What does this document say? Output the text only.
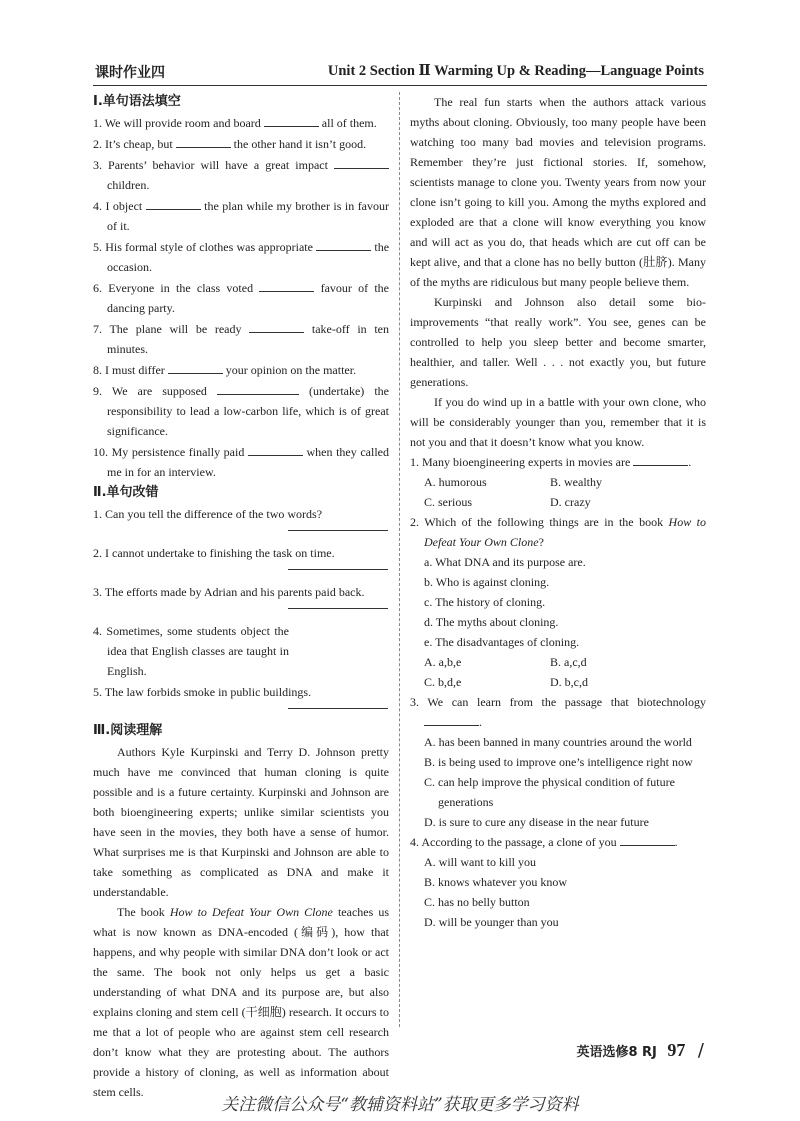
课时作业四	Unit 2 Section Ⅱ Warming Up & Reading—Language Points
Ⅰ.单句语法填空
1. We will provide room and board	all of them.
2. It’s cheap, but	the other hand it isn’t good.
3. Parents’ behavior will have a great impact  children.
4. I object	the plan while my brother is in favour of it.
5. His formal style of clothes was appropriate	the occasion.
6. Everyone in the class voted	favour of the dancing party.
7. The plane will be ready	take-off in ten minutes.
8. I must differ	your opinion on the matter.
9. We are supposed	(undertake) the responsibility to lead a low-carbon life, which is of great significance.
10. My persistence finally paid	when they called me in for an interview.
Ⅱ.单句改错
1. Can you tell the difference of the two words?
2. I cannot undertake to finishing the task on time.
3. The efforts made by Adrian and his parents paid back.
4. Sometimes, some students object the idea that English classes are taught in English.
5. The law forbids smoke in public buildings.
Ⅲ.阅读理解

Authors Kyle Kurpinski and Terry D. Johnson pretty much have me convinced that human cloning is quite possible and is a future certainty. Kurpinski and Johnson are both bioengineering experts; unlike similar scientists you have seen in the movies, they both have a sense of humor. What surprises me is that Kurpinski and Johnson are able to take something as complicated as DNA and make it understandable.

The book How to Defeat Your Own Clone teaches us what is now known as DNA-encoded (编码), how that happens, and why people with similar DNA don’t look or act the same. The book not only helps us get a basic understanding of what DNA and its purpose are, but also explains cloning and stem cell (干细胞) research. It occurs to me that a lot of people who are against stem cell research don’t know what they are protesting about. The authors provide a history of cloning, as well as information about stem cells.

The real fun starts when the authors attack various myths about cloning. Obviously, too many people have been watching too many bad movies and television programs. Remember they’re just fictional stories. If, somehow, scientists manage to clone you. Twenty years from now your clone isn’t going to kill you. Among the myths explored and exploded are that a clone will know everything you know and will act as you do, that heads which are cut off can be kept alive, and that a clone has no belly button (肚脐). Many of the myths are ridiculous but many people believe them.

Kurpinski and Johnson also detail some bio-improvements “that really work”. You see, genes can be controlled to help you sleep better and become smarter, healthier, and taller. Well . . . not exactly you, but future generations.

If you do wind up in a battle with your own clone, who will be considerably younger than you, remember that it is not you and that it doesn’t know what you know.

1. Many bioengineering experts in movies are	.
A. humorous	B. wealthy
C. serious	D. crazy
2. Which of the following things are in the book How to Defeat Your Own Clone?
a. What DNA and its purpose are.
b. Who is against cloning.
c. The history of cloning.
d. The myths about cloning.
e. The disadvantages of cloning.
A. a,b,e	B. a,c,d
C. b,d,e	D. b,c,d
3. We can learn from the passage that biotechnology .
A. has been banned in many countries around the world
B. is being used to improve one’s intelligence right now
C. can help improve the physical condition of future generations
D. is sure to cure any disease in the near future
4. According to the passage, a clone of you	.
A. will want to kill you
B. knows whatever you know
C. has no belly button
D. will be younger than you
英语选修8 RJ 97 /
关注微信公众号“教辅资料站”获取更多学习资料
